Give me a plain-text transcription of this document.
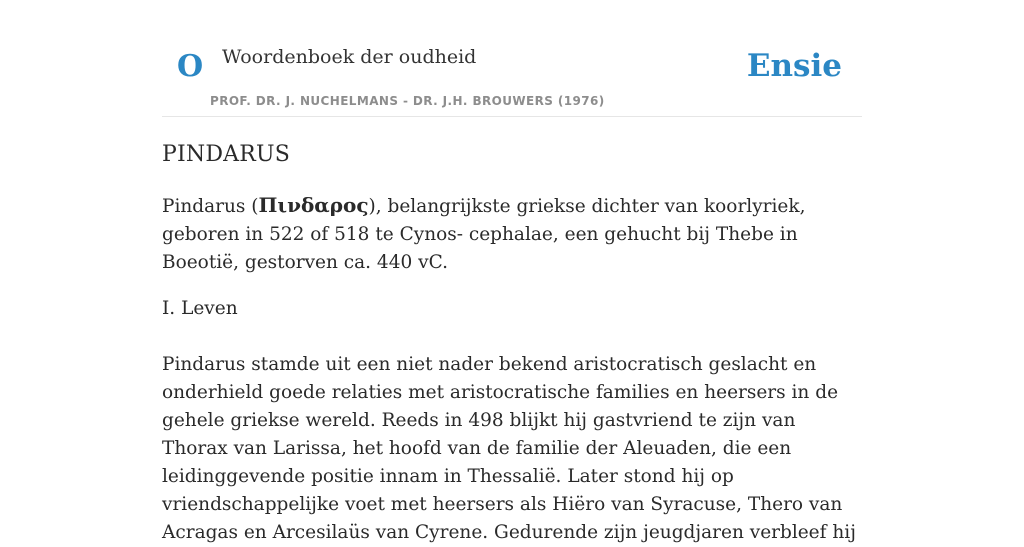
O Woordenboek der oudheid
PROF. DR. J. NUCHELMANS - DR. J.H. BROUWERS (1976)
Ensie
PINDARUS

Pindarus (Πινδαρος), belangrijkste griekse dichter van koorlyriek, geboren in 522 of 518 te Cynos- cephalae, een gehucht bij Thebe in Boeotië, gestorven ca. 440 vC.

I. Leven

Pindarus stamde uit een niet nader bekend aristocratisch geslacht en onderhield goede relaties met aristocratische families en heersers in de gehele griekse wereld. Reeds in 498 blijkt hij gastvriend te zijn van Thorax van Larissa, het hoofd van de familie der Aleuaden, die een leidinggevende positie innam in Thessalië. Later stond hij op vriendschappelijke voet met heersers als Hiëro van Syracuse, Thero van Acragas en Arcesilaüs van Cyrene. Gedurende zijn jeugdjaren verbleef hij
